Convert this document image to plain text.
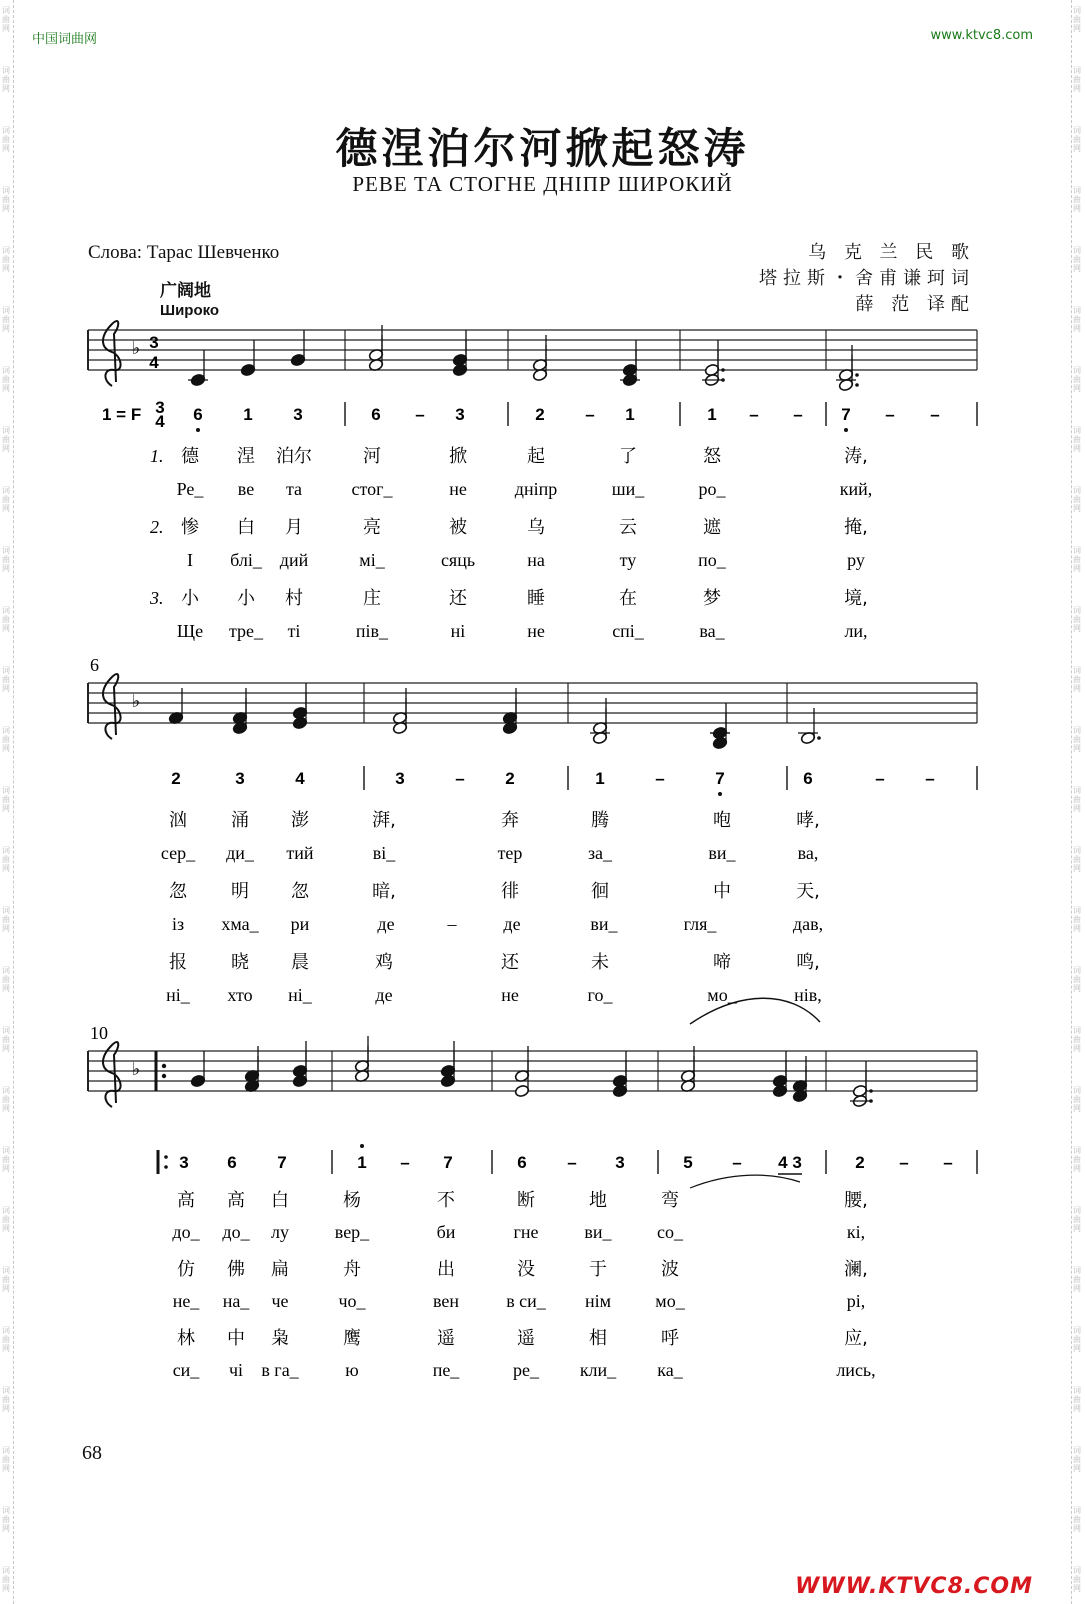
词
曲
网
词
曲
网
词
曲
网
词
曲
网
词
曲
网
词
曲
网
词
曲
网
词
曲
网
词
曲
网
词
曲
网
词
曲
网
词
曲
网
词
曲
网
词
曲
网
词
曲
网
词
曲
网
词
曲
网
词
曲
网
词
曲
网
词
曲
网
词
曲
网
词
曲
网
词
曲
网
词
曲
网
词
曲
网
词
曲
网
词
曲
网
词
曲
网
词
曲
网
词
曲
网
词
曲
网
词
曲
网
词
曲
网
词
曲
网
词
曲
网
词
曲
网
词
曲
网
词
曲
网
词
曲
网
词
曲
网
词
曲
网
词
曲
网
词
曲
网
词
曲
网
词
曲
网
词
曲
网
词
曲
网
词
曲
网
词
曲
网
词
曲
网
词
曲
网
词
曲
网
词
曲
网
词
曲
网
中国词曲网	www.ktvc8.com
德涅泊尔河掀起怒涛
РЕВЕ ТА СТОГНЕ ДНІПР ШИРОКИЙ
Слова: Тарас Шевченко	乌 克 兰 民 歌
塔拉斯・舍甫谦珂词
薛 范 译配
广阔地
Широко
♭
♭
♭
3
4
6
10
1 = F 3
4 6 1 3	6 – 3	2 – 1	1 – – 7 – –
2	3	4	3	– 2	1	–	7	6	– –
3 6 7	1 – 7	6 – 3	5 – 4 3	2 – –
1. 德 涅 泊尔	河	掀	起	了	怒	涛,
Ре_ ве та	стог_	не	дніпр	ши_	ро_	кий,
2. 惨 白 月	亮	被	乌	云	遮	掩,
І блі_ дий	мі_	сяць	на	ту	по_	ру
3. 小 小 村	庄	还	睡	在	梦	境,
Ще тре_ ті	пів_	ні	не	спі_	ва_	ли,
汹 涌 澎	湃,	奔	腾	咆	哮,
сер_ ди_ тий	ві_	тер	за_	ви_	ва,
忽 明 忽	暗,	徘	徊	中	天,
із хма_ ри	де	–	де	ви_	гля_	дав,
报 晓 晨	鸡	还	未	啼	鸣,
ні_ хто ні_	де	не	го_	мо_	нів,
高 高 白	杨	不	断	地	弯	腰,
до_ до_ лу	вер_	би	гне	ви_	со_	кі,
仿 佛 扁	舟	出	没	于	波	澜,
не_ на_ че	чо_	вен	в си_ нім мо_	рі,
林 中 枭	鹰	遥	遥	相	呼	应,
си_ чі в га_	ю	пе_	ре_ кли_ ка_	лись,
68
WWW.KTVC8.COM
